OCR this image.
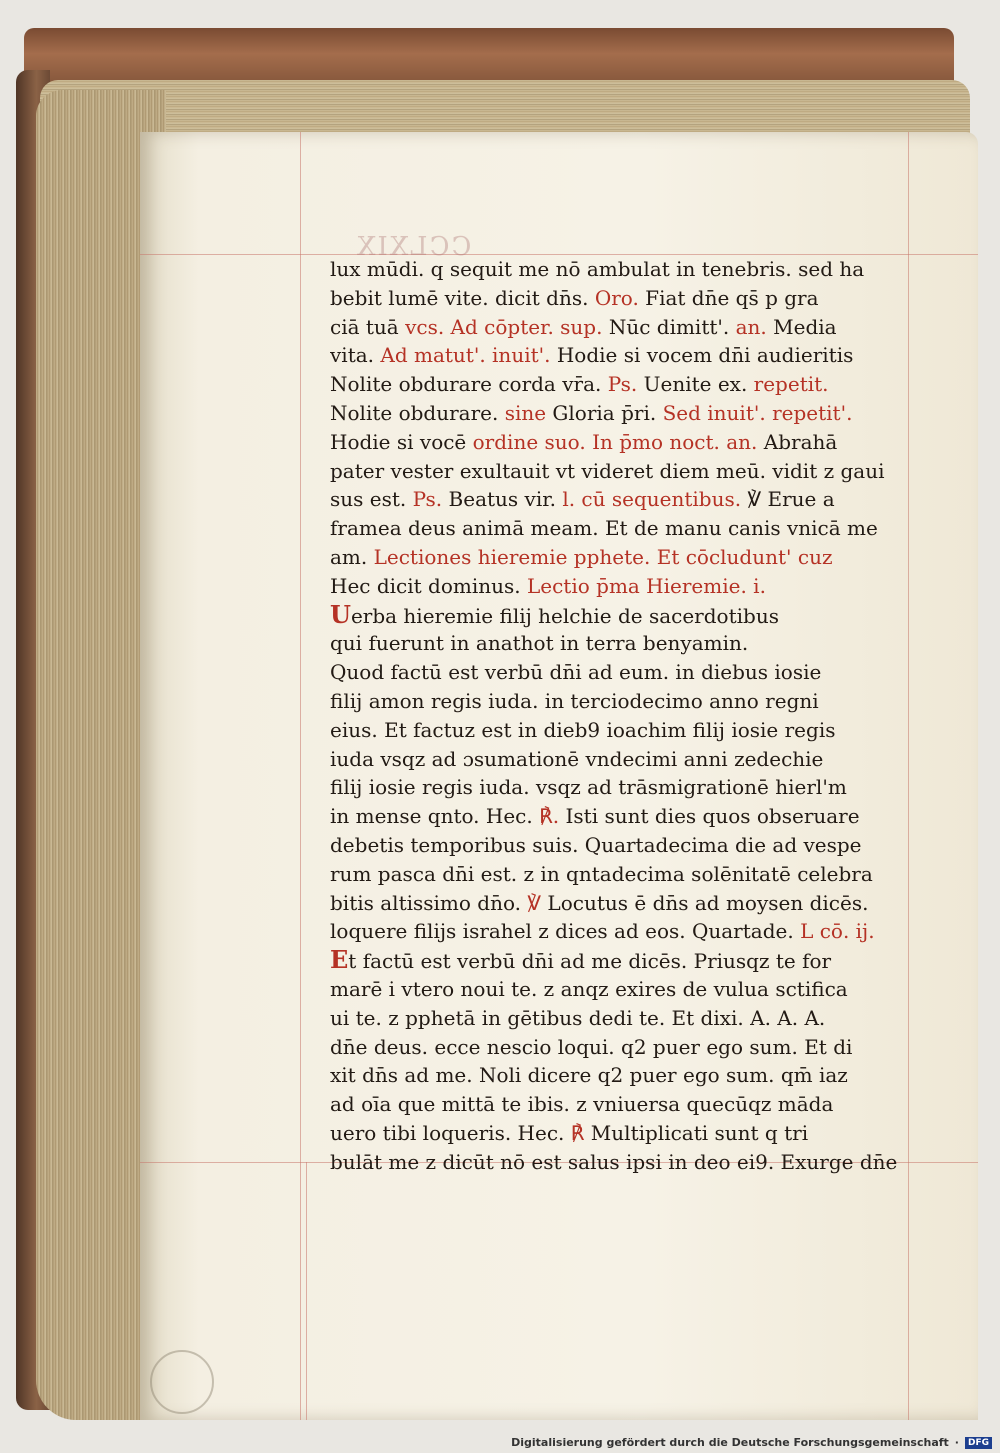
CCLXIX
lux mūdi. q sequit me nō ambulat in tenebris. sed ha
bebit lumē vite. dicit dn̄s. Oro. Fiat dn̄e qs̄ p gra
ciā tuā vcs. Ad cōpter. sup. Nūc dimitt'. an. Media
vita. Ad matut'. inuit'. Hodie si vocem dn̄i audieritis
Nolite obdurare corda vr̄a. Ps. Uenite ex. repetit.
Nolite obdurare. sine Gloria p̄ri. Sed inuit'. repetit'.
Hodie si vocē ordine suo. In p̄mo noct. an. Abrahā
pater vester exultauit vt videret diem meū. vidit z gaui
sus est. Ps. Beatus vir. l. cū sequentibus. ℣ Erue a
framea deus animā meam. Et de manu canis vnicā me
am. Lectiones hieremie pphete. Et cōcludunt' cuz
Hec dicit dominus. Lectio p̄ma Hieremie. i.
Uerba hieremie filij helchie de sacerdotibus
qui fuerunt in anathot in terra benyamin.
Quod factū est verbū dn̄i ad eum. in diebus iosie
filij amon regis iuda. in terciodecimo anno regni
eius. Et factuz est in dieb9 ioachim filij iosie regis
iuda vsqz ad ɔsumationē vndecimi anni zedechie
filij iosie regis iuda. vsqz ad trāsmigrationē hierl'm
in mense qnto. Hec. ℟. Isti sunt dies quos obseruare
debetis temporibus suis. Quartadecima die ad vespe
rum pasca dn̄i est. z in qntadecima solēnitatē celebra
bitis altissimo dn̄o. ℣ Locutus ē dn̄s ad moysen dicēs.
loquere filijs israhel z dices ad eos. Quartade. L cō. ij.
Et factū est verbū dn̄i ad me dicēs. Priusqz te for
marē i vtero noui te. z anqz exires de vulua sctifica
ui te. z pphetā in gētibus dedi te. Et dixi. A. A. A.
dn̄e deus. ecce nescio loqui. q2 puer ego sum. Et di
xit dn̄s ad me. Noli dicere q2 puer ego sum. qm̄ iaz
ad oīa que mittā te ibis. z vniuersa quecūqz māda
uero tibi loqueris. Hec. ℟ Multiplicati sunt q tri
bulāt me z dicūt nō est salus ipsi in deo ei9. Exurge dn̄e
Digitalisierung gefördert durch die Deutsche Forschungsgemeinschaft ·	DFG
